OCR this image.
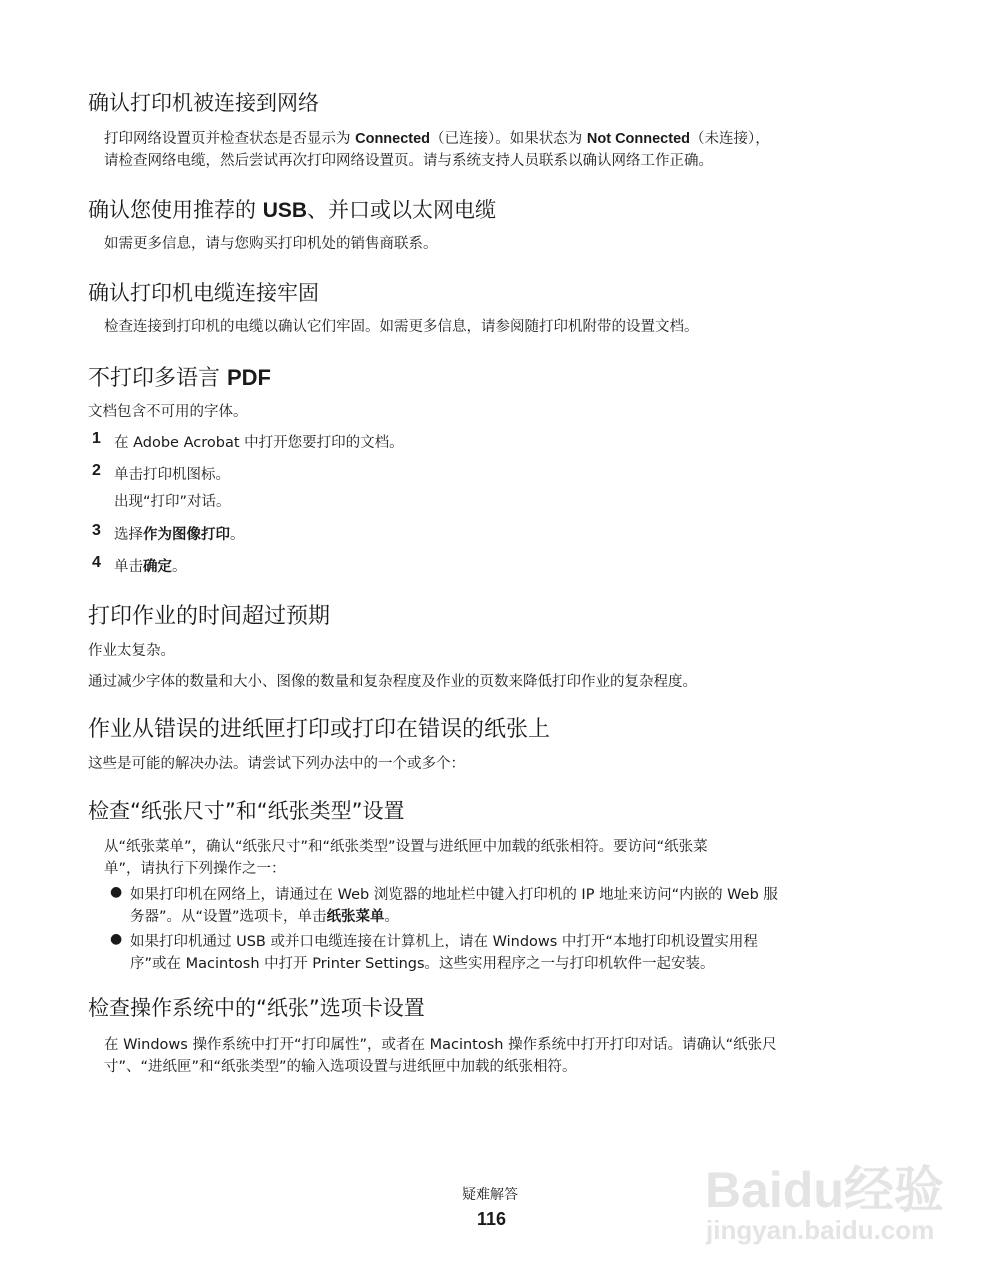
确认打印机被连接到网络
打印网络设置页并检查状态是否显示为 Connected（已连接）。如果状态为 Not Connected（未连接），
请检查网络电缆，然后尝试再次打印网络设置页。请与系统支持人员联系以确认网络工作正确。
确认您使用推荐的 USB、并口或以太网电缆
如需更多信息，请与您购买打印机处的销售商联系。
确认打印机电缆连接牢固
检查连接到打印机的电缆以确认它们牢固。如需更多信息，请参阅随打印机附带的设置文档。
不打印多语言 PDF
文档包含不可用的字体。
1 在 Adobe Acrobat 中打开您要打印的文档。
2 单击打印机图标。
出现“打印”对话。
3 选择作为图像打印。
4 单击确定。
打印作业的时间超过预期
作业太复杂。
通过减少字体的数量和大小、图像的数量和复杂程度及作业的页数来降低打印作业的复杂程度。
作业从错误的进纸匣打印或打印在错误的纸张上
这些是可能的解决办法。请尝试下列办法中的一个或多个：
检查“纸张尺寸”和“纸张类型”设置
从“纸张菜单”，确认“纸张尺寸”和“纸张类型”设置与进纸匣中加载的纸张相符。要访问“纸张菜
单”，请执行下列操作之一：
● 如果打印机在网络上，请通过在 Web 浏览器的地址栏中键入打印机的 IP 地址来访问“内嵌的 Web 服
务器”。从“设置”选项卡，单击纸张菜单。
● 如果打印机通过 USB 或并口电缆连接在计算机上，请在 Windows 中打开“本地打印机设置实用程
序”或在 Macintosh 中打开 Printer Settings。这些实用程序之一与打印机软件一起安装。
检查操作系统中的“纸张”选项卡设置
在 Windows 操作系统中打开“打印属性”，或者在 Macintosh 操作系统中打开打印对话。请确认“纸张尺
寸”、“进纸匣”和“纸张类型”的输入选项设置与进纸匣中加载的纸张相符。
疑难解答
116
Baidu经验
jingyan.baidu.com
